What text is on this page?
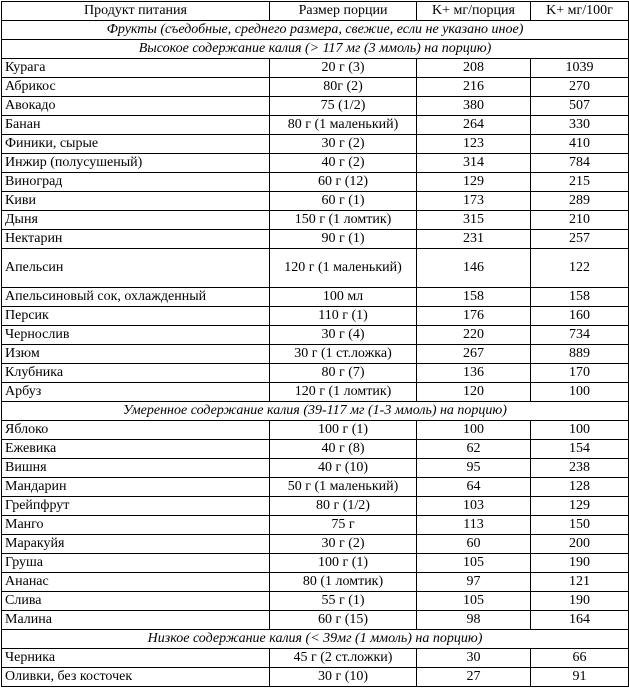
Продукт питания	Размер порции	K+ мг/порция	K+ мг/100г
Фрукты (съедобные, среднего размера, свежие, если не указано иное)			
Высокое содержание калия (> 117 мг (3 ммоль) на порцию)			
Курага	20 г (3)	208	1039
Абрикос	80г (2)	216	270
Авокадо	75 (1/2)	380	507
Банан	80 г (1 маленький)	264	330
Финики, сырые	30 г (2)	123	410
Инжир (полусушеный)	40 г (2)	314	784
Виноград	60 г (12)	129	215
Киви	60 г (1)	173	289
Дыня	150 г (1 ломтик)	315	210
Нектарин	90 г (1)	231	257
Апельсин	120 г (1 маленький)	146	122
Апельсиновый сок, охлажденный	100 мл	158	158
Персик	110 г (1)	176	160
Чернослив	30 г (4)	220	734
Изюм	30 г (1 ст.ложка)	267	889
Клубника	80 г (7)	136	170
Арбуз	120 г (1 ломтик)	120	100
Умеренное содержание калия (39-117 мг (1-3 ммоль) на порцию)			
Яблоко	100 г (1)	100	100
Ежевика	40 г (8)	62	154
Вишня	40 г (10)	95	238
Мандарин	50 г (1 маленький)	64	128
Грейпфрут	80 г (1/2)	103	129
Манго	75 г	113	150
Маракуйя	30 г (2)	60	200
Груша	100 г (1)	105	190
Ананас	80 (1 ломтик)	97	121
Слива	55 г (1)	105	190
Малина	60 г (15)	98	164
Низкое содержание калия (< 39мг (1 ммоль) на порцию)			
Черника	45 г (2 ст.ложки)	30	66
Оливки, без косточек	30 г (10)	27	91
